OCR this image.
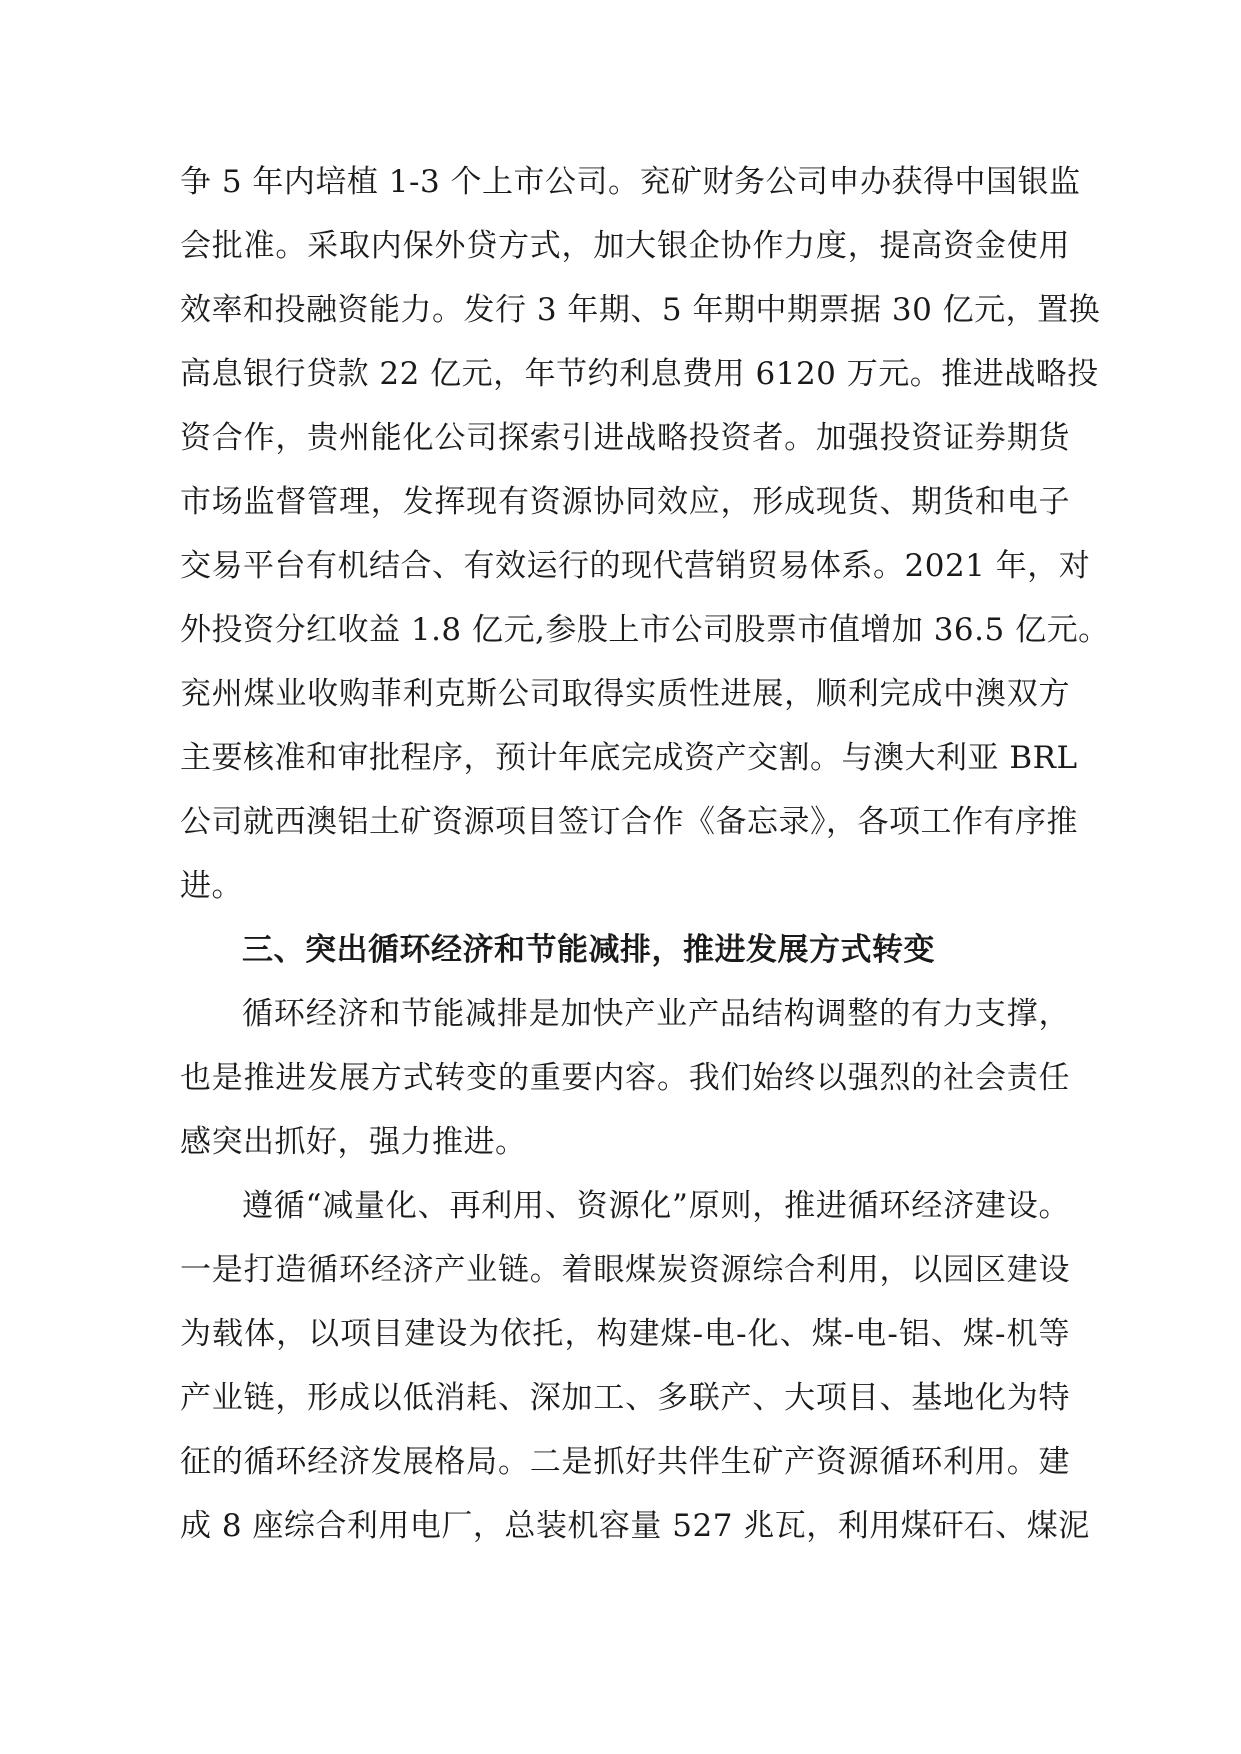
争 5 年内培植 1-3 个上市公司。兖矿财务公司申办获得中国银监
会批准。采取内保外贷方式，加大银企协作力度，提高资金使用
效率和投融资能力。发行 3 年期、5 年期中期票据 30 亿元，置换
高息银行贷款 22 亿元，年节约利息费用 6120 万元。推进战略投
资合作，贵州能化公司探索引进战略投资者。加强投资证券期货
市场监督管理，发挥现有资源协同效应，形成现货、期货和电子
交易平台有机结合、有效运行的现代营销贸易体系。2021 年，对
外投资分红收益 1.8 亿元,参股上市公司股票市值增加 36.5 亿元。
兖州煤业收购菲利克斯公司取得实质性进展，顺利完成中澳双方
主要核准和审批程序，预计年底完成资产交割。与澳大利亚 BRL
公司就西澳铝土矿资源项目签订合作《备忘录》，各项工作有序推
进。
三、突出循环经济和节能减排，推进发展方式转变
循环经济和节能减排是加快产业产品结构调整的有力支撑，
也是推进发展方式转变的重要内容。我们始终以强烈的社会责任
感突出抓好，强力推进。
遵循“减量化、再利用、资源化”原则，推进循环经济建设。
一是打造循环经济产业链。着眼煤炭资源综合利用，以园区建设
为载体，以项目建设为依托，构建煤-电-化、煤-电-铝、煤-机等
产业链，形成以低消耗、深加工、多联产、大项目、基地化为特
征的循环经济发展格局。二是抓好共伴生矿产资源循环利用。建
成 8 座综合利用电厂，总装机容量 527 兆瓦，利用煤矸石、煤泥
